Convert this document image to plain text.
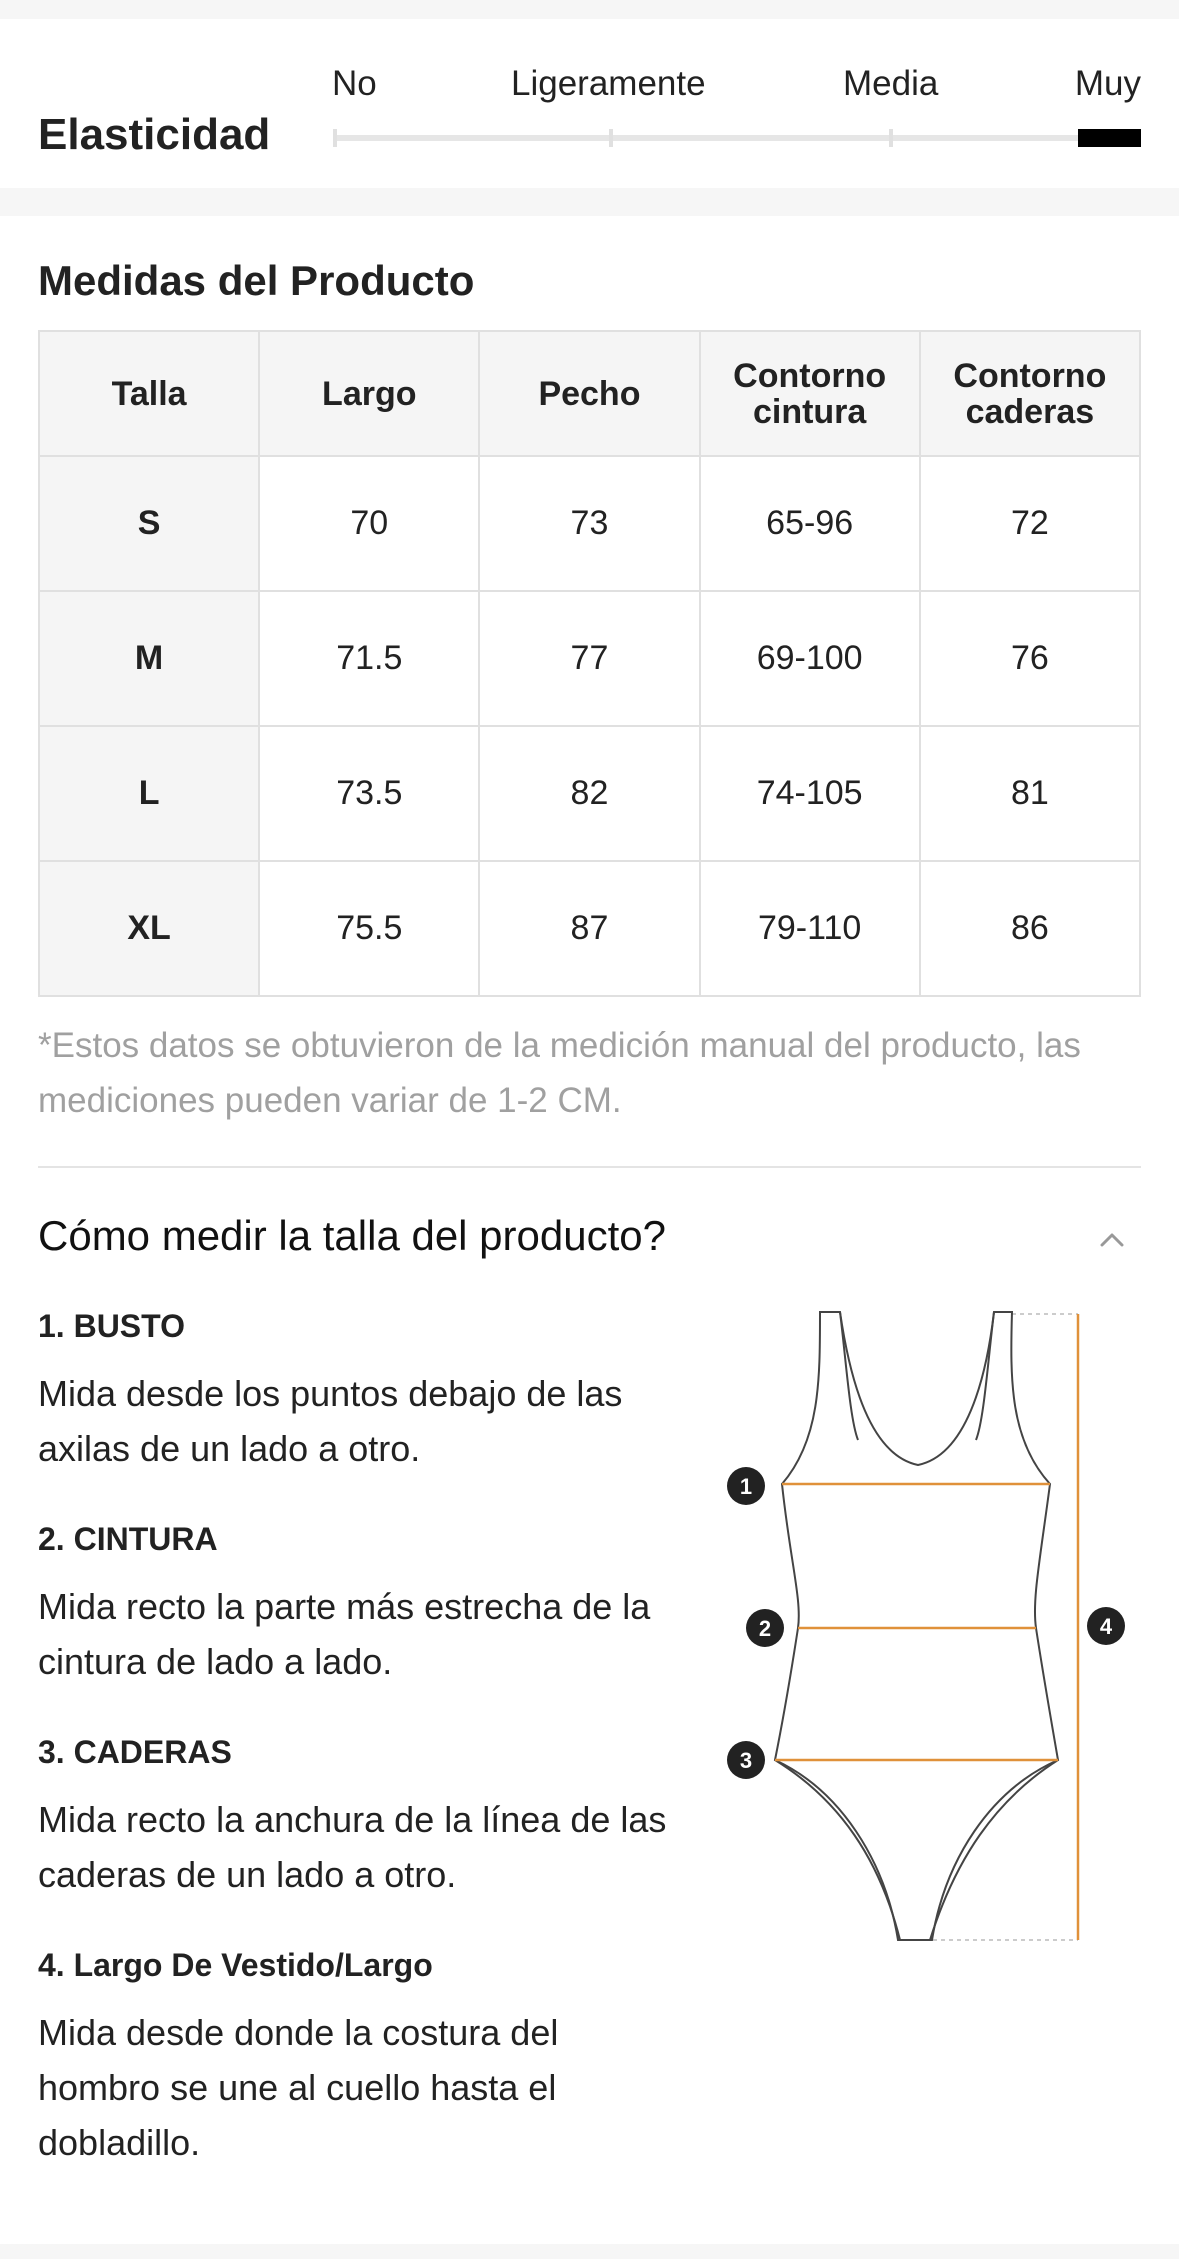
Elasticidad
No	Ligeramente	Media	Muy
Medidas del Producto
Talla	Largo	Pecho	Contorno cintura	Contorno caderas
S	70	73	65-96	72
M	71.5	77	69-100	76
L	73.5	82	74-105	81
XL	75.5	87	79-110	86
*Estos datos se obtuvieron de la medición manual del producto, las mediciones pueden variar de 1-2 CM.
Cómo medir la talla del producto?
1. BUSTO
Mida desde los puntos debajo de las axilas de un lado a otro.
2. CINTURA
Mida recto la parte más estrecha de la cintura de lado a lado.
3. CADERAS
Mida recto la anchura de la línea de las caderas de un lado a otro.
4. Largo De Vestido/Largo
Mida desde donde la costura del hombro se une al cuello hasta el dobladillo.
1
2
3
4
